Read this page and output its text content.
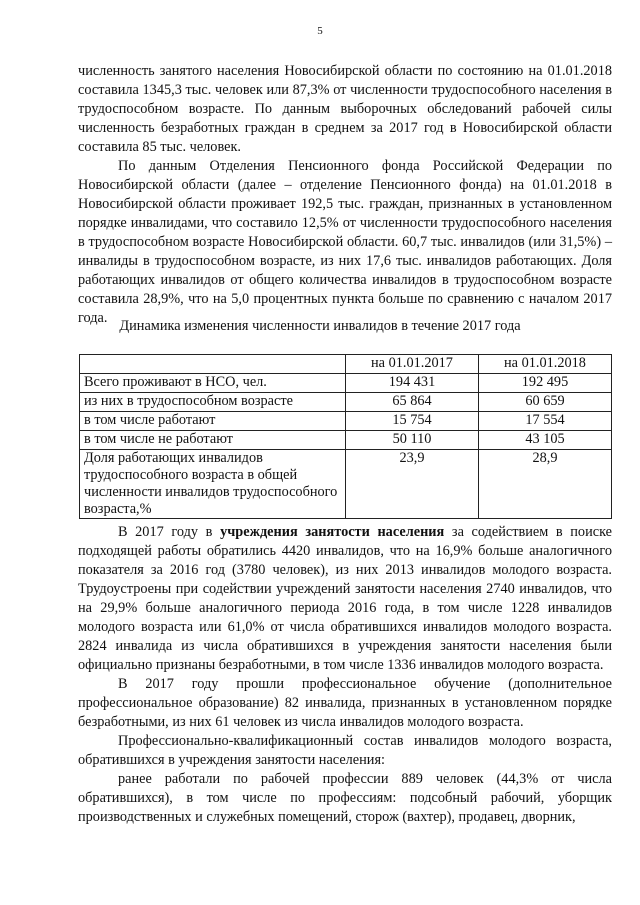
5

численность занятого населения Новосибирской области по состоянию на 01.01.2018 составила 1345,3 тыс. человек или 87,3% от численности трудоспособного населения в трудоспособном возрасте. По данным выборочных обследований рабочей силы численность безработных граждан в среднем за 2017 год в Новосибирской области составила 85 тыс. человек.

По данным Отделения Пенсионного фонда Российской Федерации по Новосибирской области (далее – отделение Пенсионного фонда) на 01.01.2018 в Новосибирской области проживает 192,5 тыс. граждан, признанных в установленном порядке инвалидами, что составило 12,5% от численности трудоспособного населения в трудоспособном возрасте Новосибирской области. 60,7 тыс. инвалидов (или 31,5%) – инвалиды в трудоспособном возрасте, из них 17,6 тыс. инвалидов работающих. Доля работающих инвалидов от общего количества инвалидов в трудоспособном возрасте составила 28,9%, что на 5,0 процентных пункта больше по сравнению с началом 2017 года. Динамика изменения численности инвалидов в течение 2017 года
	на 01.01.2017	на 01.01.2018
Всего проживают в НСО, чел.	194 431	192 495
из них в трудоспособном возрасте	65 864	60 659
в том числе работают	15 754	17 554
в том числе не работают	50 110	43 105
Доля работающих инвалидов трудоспособного возраста в общей численности инвалидов трудоспособного возраста,%	23,9	28,9

В 2017 году в учреждения занятости населения за содействием в поиске подходящей работы обратились 4420 инвалидов, что на 16,9% больше аналогичного показателя за 2016 год (3780 человек), из них 2013 инвалидов молодого возраста. Трудоустроены при содействии учреждений занятости населения 2740 инвалидов, что на 29,9% больше аналогичного периода 2016 года, в том числе 1228 инвалидов молодого возраста или 61,0% от числа обратившихся инвалидов молодого возраста. 2824 инвалида из числа обратившихся в учреждения занятости населения были официально признаны безработными, в том числе 1336 инвалидов молодого возраста.

В 2017 году прошли профессиональное обучение (дополнительное профессиональное образование) 82 инвалида, признанных в установленном порядке безработными, из них 61 человек из числа инвалидов молодого возраста.

Профессионально-квалификационный состав инвалидов молодого возраста, обратившихся в учреждения занятости населения:

ранее работали по рабочей профессии 889 человек (44,3% от числа обратившихся), в том числе по профессиям: подсобный рабочий, уборщик производственных и служебных помещений, сторож (вахтер), продавец, дворник,
